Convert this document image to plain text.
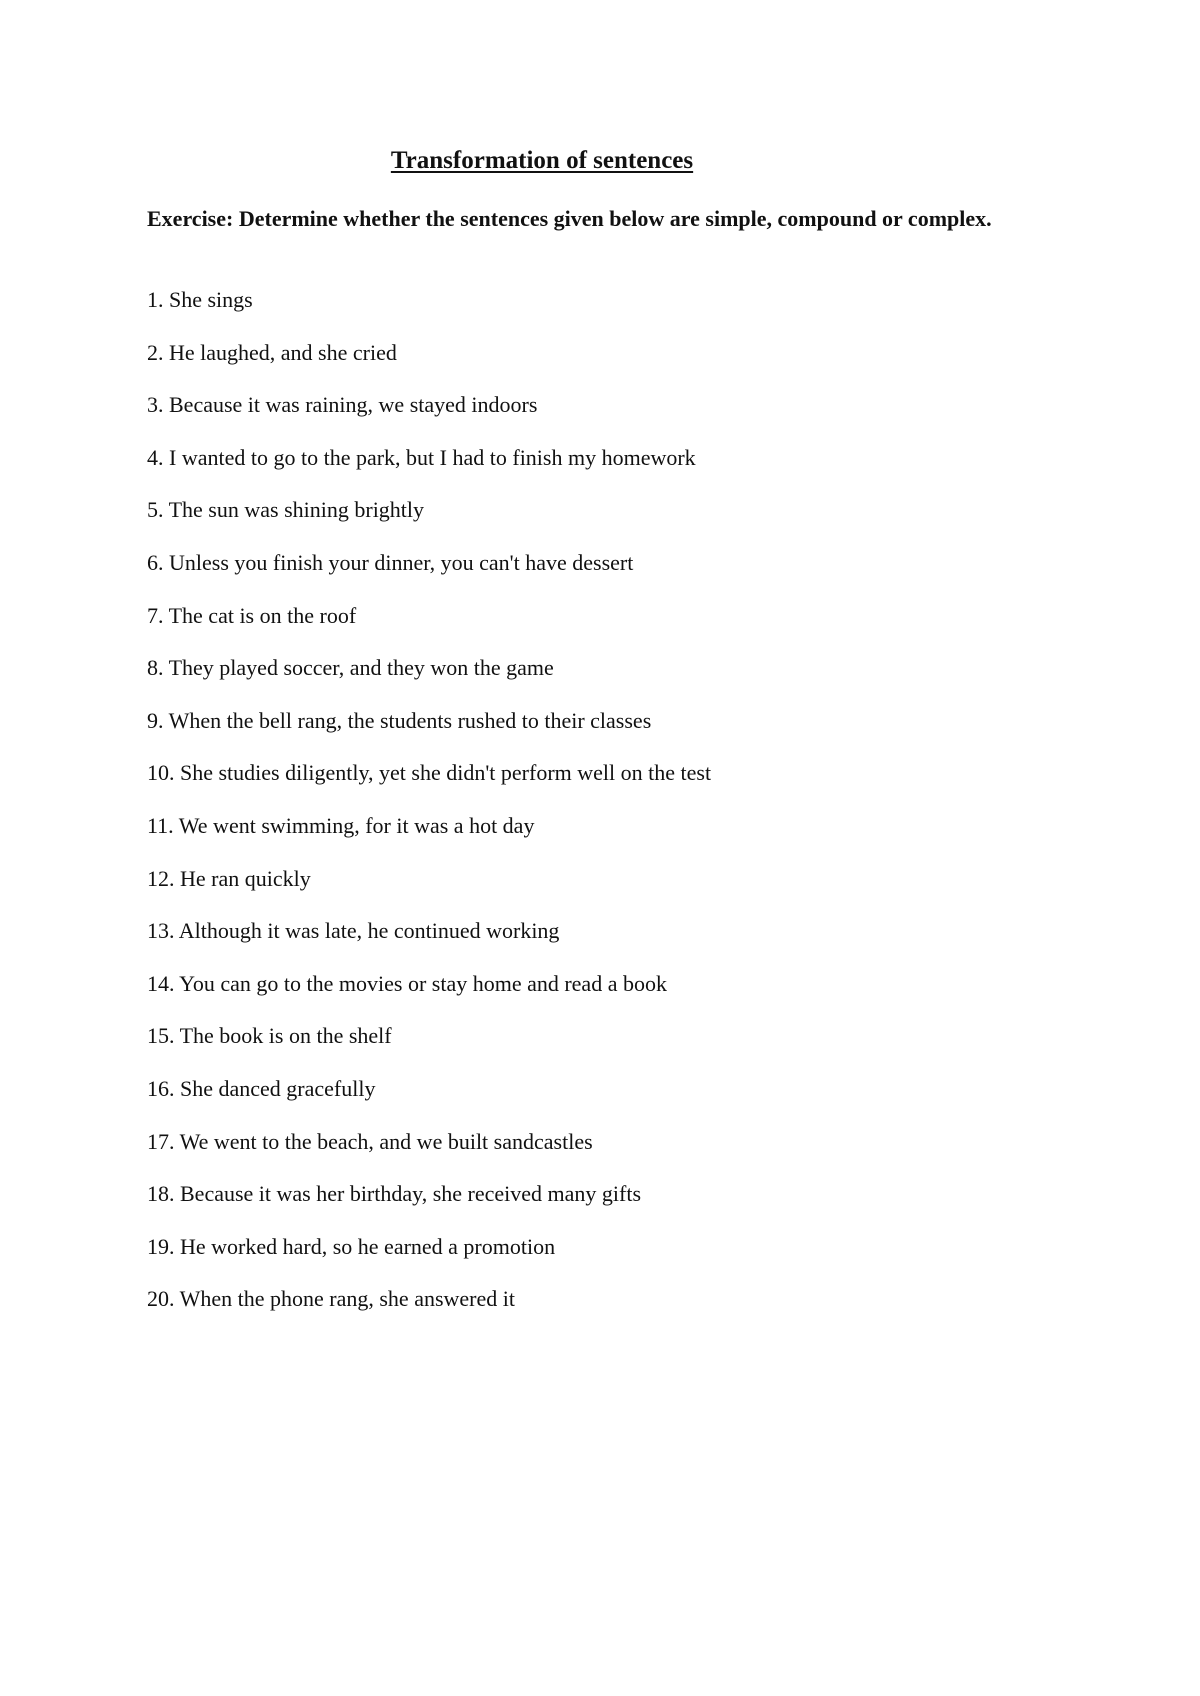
Transformation of sentences

Exercise: Determine whether the sentences given below are simple, compound or complex.

1. She sings
2. He laughed, and she cried
3. Because it was raining, we stayed indoors
4. I wanted to go to the park, but I had to finish my homework
5. The sun was shining brightly
6. Unless you finish your dinner, you can't have dessert
7. The cat is on the roof
8. They played soccer, and they won the game
9. When the bell rang, the students rushed to their classes
10. She studies diligently, yet she didn't perform well on the test
11. We went swimming, for it was a hot day
12. He ran quickly
13. Although it was late, he continued working
14. You can go to the movies or stay home and read a book
15. The book is on the shelf
16. She danced gracefully
17. We went to the beach, and we built sandcastles
18. Because it was her birthday, she received many gifts
19. He worked hard, so he earned a promotion
20. When the phone rang, she answered it
